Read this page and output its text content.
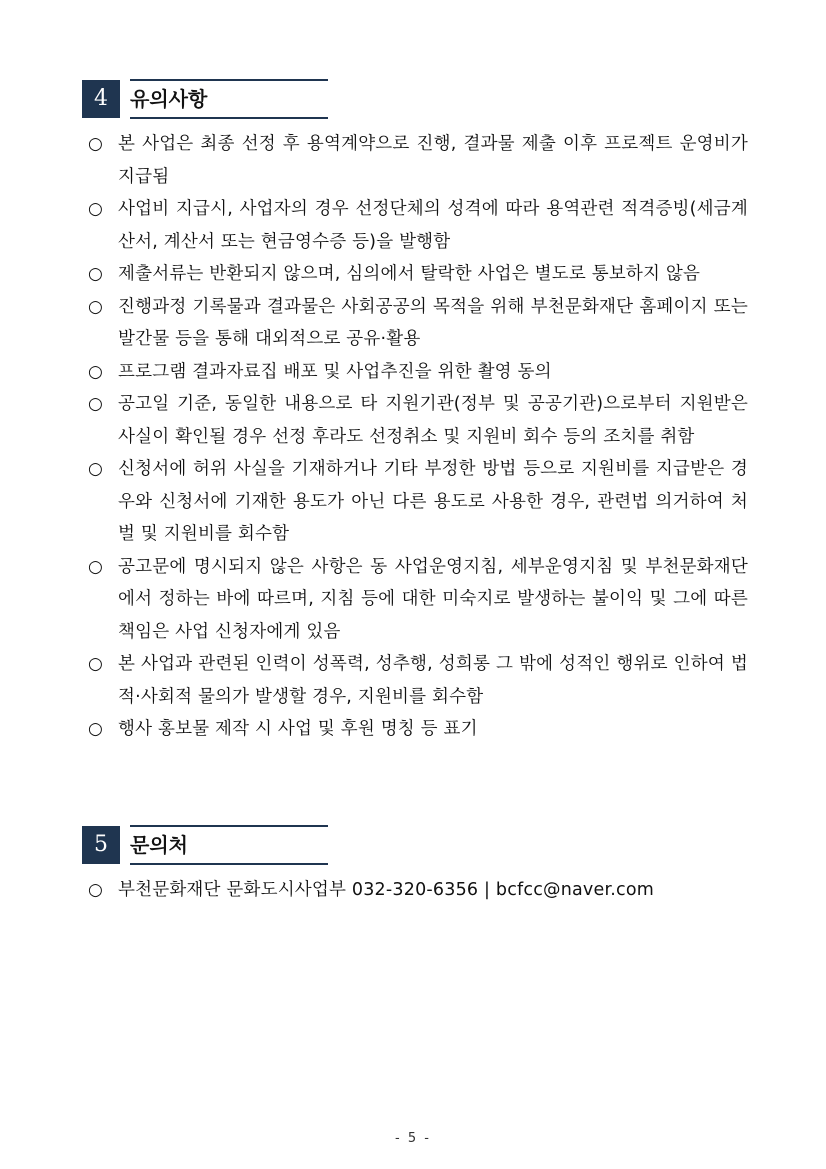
4	유의사항
○ 본 사업은 최종 선정 후 용역계약으로 진행, 결과물 제출 이후 프로젝트 운영비가 지급됨
○ 사업비 지급시, 사업자의 경우 선정단체의 성격에 따라 용역관련 적격증빙(세금계산서, 계산서 또는 현금영수증 등)을 발행함
○ 제출서류는 반환되지 않으며, 심의에서 탈락한 사업은 별도로 통보하지 않음
○ 진행과정 기록물과 결과물은 사회공공의 목적을 위해 부천문화재단 홈페이지 또는 발간물 등을 통해 대외적으로 공유·활용
○ 프로그램 결과자료집 배포 및 사업추진을 위한 촬영 동의
○ 공고일 기준, 동일한 내용으로 타 지원기관(정부 및 공공기관)으로부터 지원받은 사실이 확인될 경우 선정 후라도 선정취소 및 지원비 회수 등의 조치를 취함
○ 신청서에 허위 사실을 기재하거나 기타 부정한 방법 등으로 지원비를 지급받은 경우와 신청서에 기재한 용도가 아닌 다른 용도로 사용한 경우, 관련법 의거하여 처벌 및 지원비를 회수함
○ 공고문에 명시되지 않은 사항은 동 사업운영지침, 세부운영지침 및 부천문화재단에서 정하는 바에 따르며, 지침 등에 대한 미숙지로 발생하는 불이익 및 그에 따른 책임은 사업 신청자에게 있음
○ 본 사업과 관련된 인력이 성폭력, 성추행, 성희롱 그 밖에 성적인 행위로 인하여 법적·사회적 물의가 발생할 경우, 지원비를 회수함
○ 행사 홍보물 제작 시 사업 및 후원 명칭 등 표기
5	문의처
○ 부천문화재단 문화도시사업부 032-320-6356 | bcfcc@naver.com
- 5 -
